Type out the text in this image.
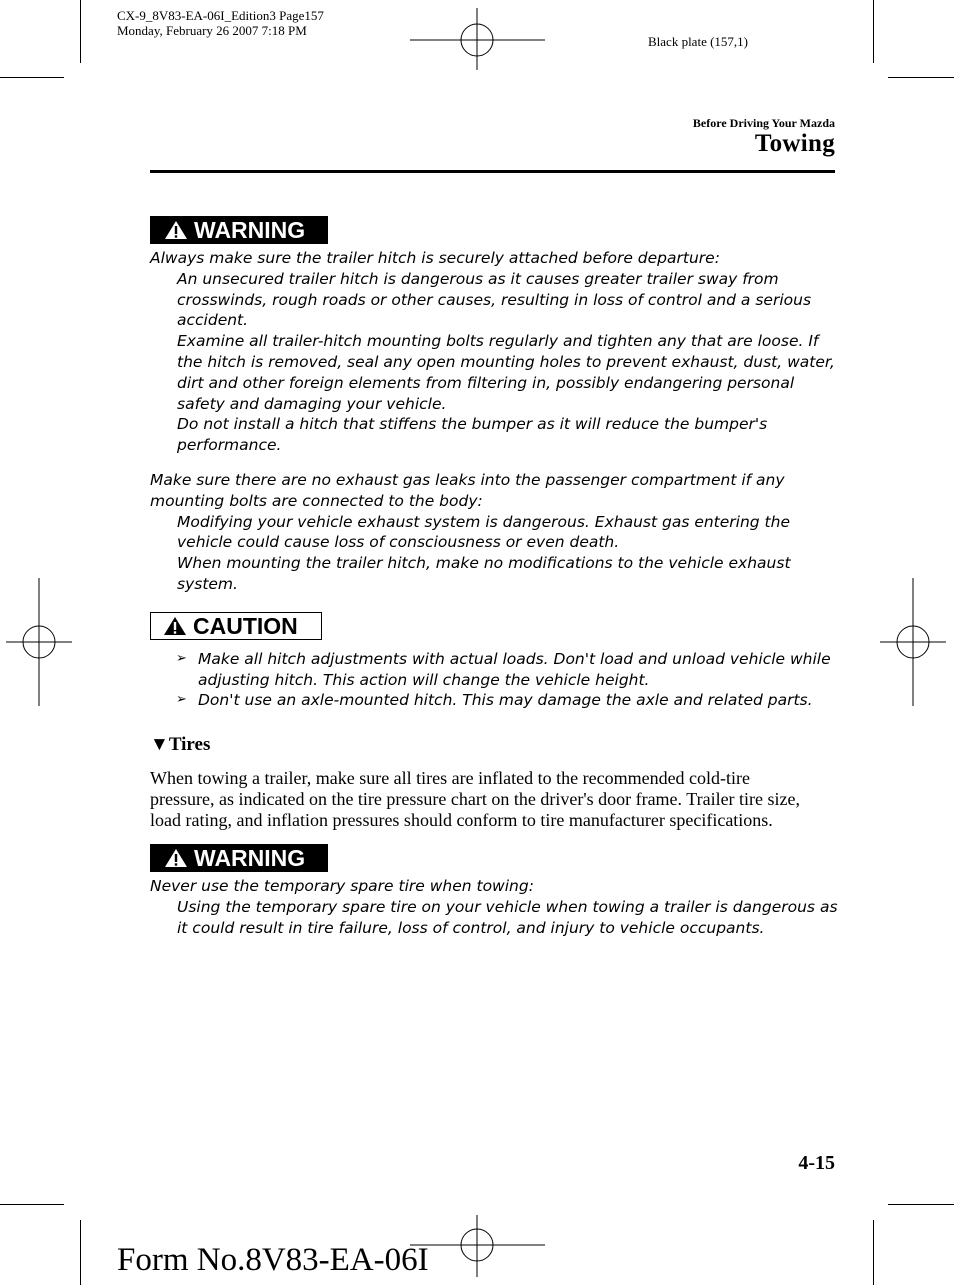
CX-9_8V83-EA-06I_Edition3 Page157
Monday, February 26 2007 7:18 PM
Black plate (157,1)
Before Driving Your Mazda
Towing
WARNING
Always make sure the trailer hitch is securely attached before departure:
An unsecured trailer hitch is dangerous as it causes greater trailer sway from
crosswinds, rough roads or other causes, resulting in loss of control and a serious
accident.
Examine all trailer-hitch mounting bolts regularly and tighten any that are loose. If
the hitch is removed, seal any open mounting holes to prevent exhaust, dust, water,
dirt and other foreign elements from filtering in, possibly endangering personal
safety and damaging your vehicle.
Do not install a hitch that stiffens the bumper as it will reduce the bumper's
performance.
Make sure there are no exhaust gas leaks into the passenger compartment if any
mounting bolts are connected to the body:
Modifying your vehicle exhaust system is dangerous. Exhaust gas entering the
vehicle could cause loss of consciousness or even death.
When mounting the trailer hitch, make no modifications to the vehicle exhaust
system.
CAUTION
➢ Make all hitch adjustments with actual loads. Don't load and unload vehicle while
adjusting hitch. This action will change the vehicle height.
➢ Don't use an axle-mounted hitch. This may damage the axle and related parts.
▼Tires
When towing a trailer, make sure all tires are inflated to the recommended cold-tire
pressure, as indicated on the tire pressure chart on the driver's door frame. Trailer tire size,
load rating, and inflation pressures should conform to tire manufacturer specifications.
WARNING
Never use the temporary spare tire when towing:
Using the temporary spare tire on your vehicle when towing a trailer is dangerous as
it could result in tire failure, loss of control, and injury to vehicle occupants.
4-15
Form No.8V83-EA-06I
